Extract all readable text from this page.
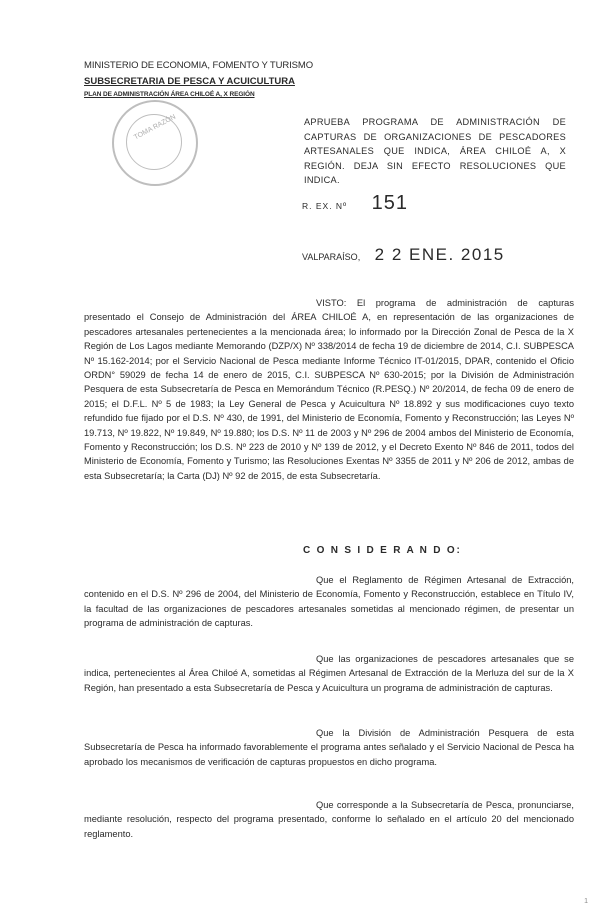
MINISTERIO DE ECONOMIA, FOMENTO Y TURISMO

SUBSECRETARIA DE PESCA Y ACUICULTURA

PLAN DE ADMINISTRACIÓN ÁREA CHILOÉ A, X REGIÓN

TOMA RAZÓN	APRUEBA PROGRAMA DE ADMINISTRACIÓN DE CAPTURAS DE ORGANIZACIONES DE PESCADORES ARTESANALES QUE INDICA, ÁREA CHILOÉ A, X REGIÓN. DEJA SIN EFECTO RESOLUCIONES QUE INDICA.

R. EX. Nº 151
VALPARAÍSO, 2 2 ENE. 2015

VISTO: El programa de administración de capturas presentado el Consejo de Administración del ÁREA CHILOÉ A, en representación de las organizaciones de pescadores artesanales pertenecientes a la mencionada área; lo informado por la Dirección Zonal de Pesca de la X Región de Los Lagos mediante Memorando (DZP/X) Nº 338/2014 de fecha 19 de diciembre de 2014, C.I. SUBPESCA Nº 15.162-2014; por el Servicio Nacional de Pesca mediante Informe Técnico IT-01/2015, DPAR, contenido el Oficio ORDN° 59029 de fecha 14 de enero de 2015, C.I. SUBPESCA Nº 630-2015; por la División de Administración Pesquera de esta Subsecretaría de Pesca en Memorándum Técnico (R.PESQ.) Nº 20/2014, de fecha 09 de enero de 2015; el D.F.L. Nº 5 de 1983; la Ley General de Pesca y Acuicultura Nº 18.892 y sus modificaciones cuyo texto refundido fue fijado por el D.S. Nº 430, de 1991, del Ministerio de Economía, Fomento y Reconstrucción; las Leyes Nº 19.713, Nº 19.822, Nº 19.849, Nº 19.880; los D.S. Nº 11 de 2003 y Nº 296 de 2004 ambos del Ministerio de Economía, Fomento y Reconstrucción; los D.S. Nº 223 de 2010 y Nº 139 de 2012, y el Decreto Exento Nº 846 de 2011, todos del Ministerio de Economía, Fomento y Turismo; las Resoluciones Exentas Nº 3355 de 2011 y Nº 206 de 2012, ambas de esta Subsecretaría; la Carta (DJ) Nº 92 de 2015, de esta Subsecretaría.

C O N S I D E R A N D O:

Que el Reglamento de Régimen Artesanal de Extracción, contenido en el D.S. Nº 296 de 2004, del Ministerio de Economía, Fomento y Reconstrucción, establece en Título IV, la facultad de las organizaciones de pescadores artesanales sometidas al mencionado régimen, de presentar un programa de administración de capturas.

Que las organizaciones de pescadores artesanales que se indica, pertenecientes al Área Chiloé A, sometidas al Régimen Artesanal de Extracción de la Merluza del sur de la X Región, han presentado a esta Subsecretaría de Pesca y Acuicultura un programa de administración de capturas.

Que la División de Administración Pesquera de esta Subsecretaría de Pesca ha informado favorablemente el programa antes señalado y el Servicio Nacional de Pesca ha aprobado los mecanismos de verificación de capturas propuestos en dicho programa.

Que corresponde a la Subsecretaría de Pesca, pronunciarse, mediante resolución, respecto del programa presentado, conforme lo señalado en el artículo 20 del mencionado reglamento.

1
